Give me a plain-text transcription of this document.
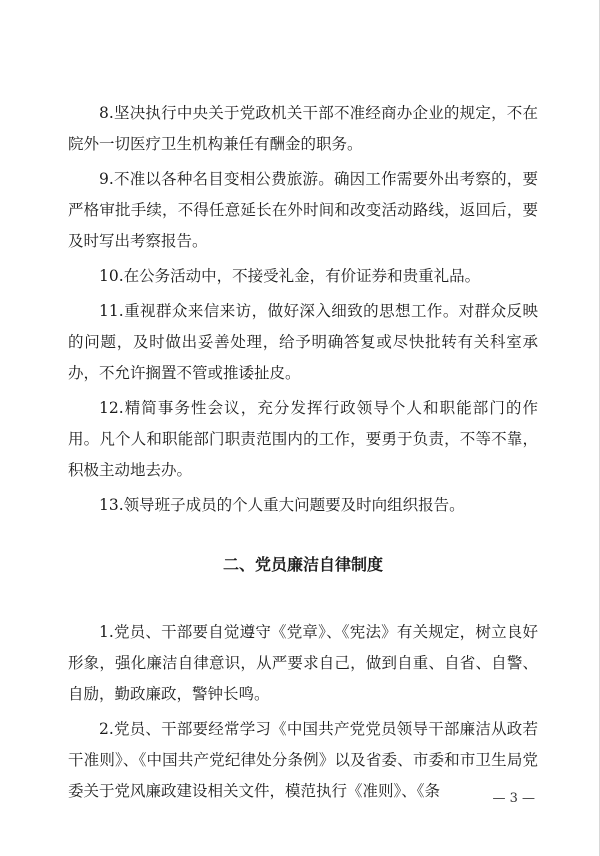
8.坚决执行中央关于党政机关干部不准经商办企业的规定，不在院外一切医疗卫生机构兼任有酬金的职务。

9.不准以各种名目变相公费旅游。确因工作需要外出考察的，要严格审批手续，不得任意延长在外时间和改变活动路线，返回后，要及时写出考察报告。

10.在公务活动中，不接受礼金，有价证券和贵重礼品。

11.重视群众来信来访，做好深入细致的思想工作。对群众反映的问题，及时做出妥善处理，给予明确答复或尽快批转有关科室承办，不允许搁置不管或推诿扯皮。

12.精简事务性会议，充分发挥行政领导个人和职能部门的作用。凡个人和职能部门职责范围内的工作，要勇于负责，不等不靠，积极主动地去办。

13.领导班子成员的个人重大问题要及时向组织报告。

二、党员廉洁自律制度

1.党员、干部要自觉遵守《党章》、《宪法》有关规定，树立良好形象，强化廉洁自律意识，从严要求自己，做到自重、自省、自警、自励，勤政廉政，警钟长鸣。

2.党员、干部要经常学习《中国共产党党员领导干部廉洁从政若干准则》、《中国共产党纪律处分条例》以及省委、市委和市卫生局党委关于党风廉政建设相关文件，模范执行《准则》、《条	— 3 —
